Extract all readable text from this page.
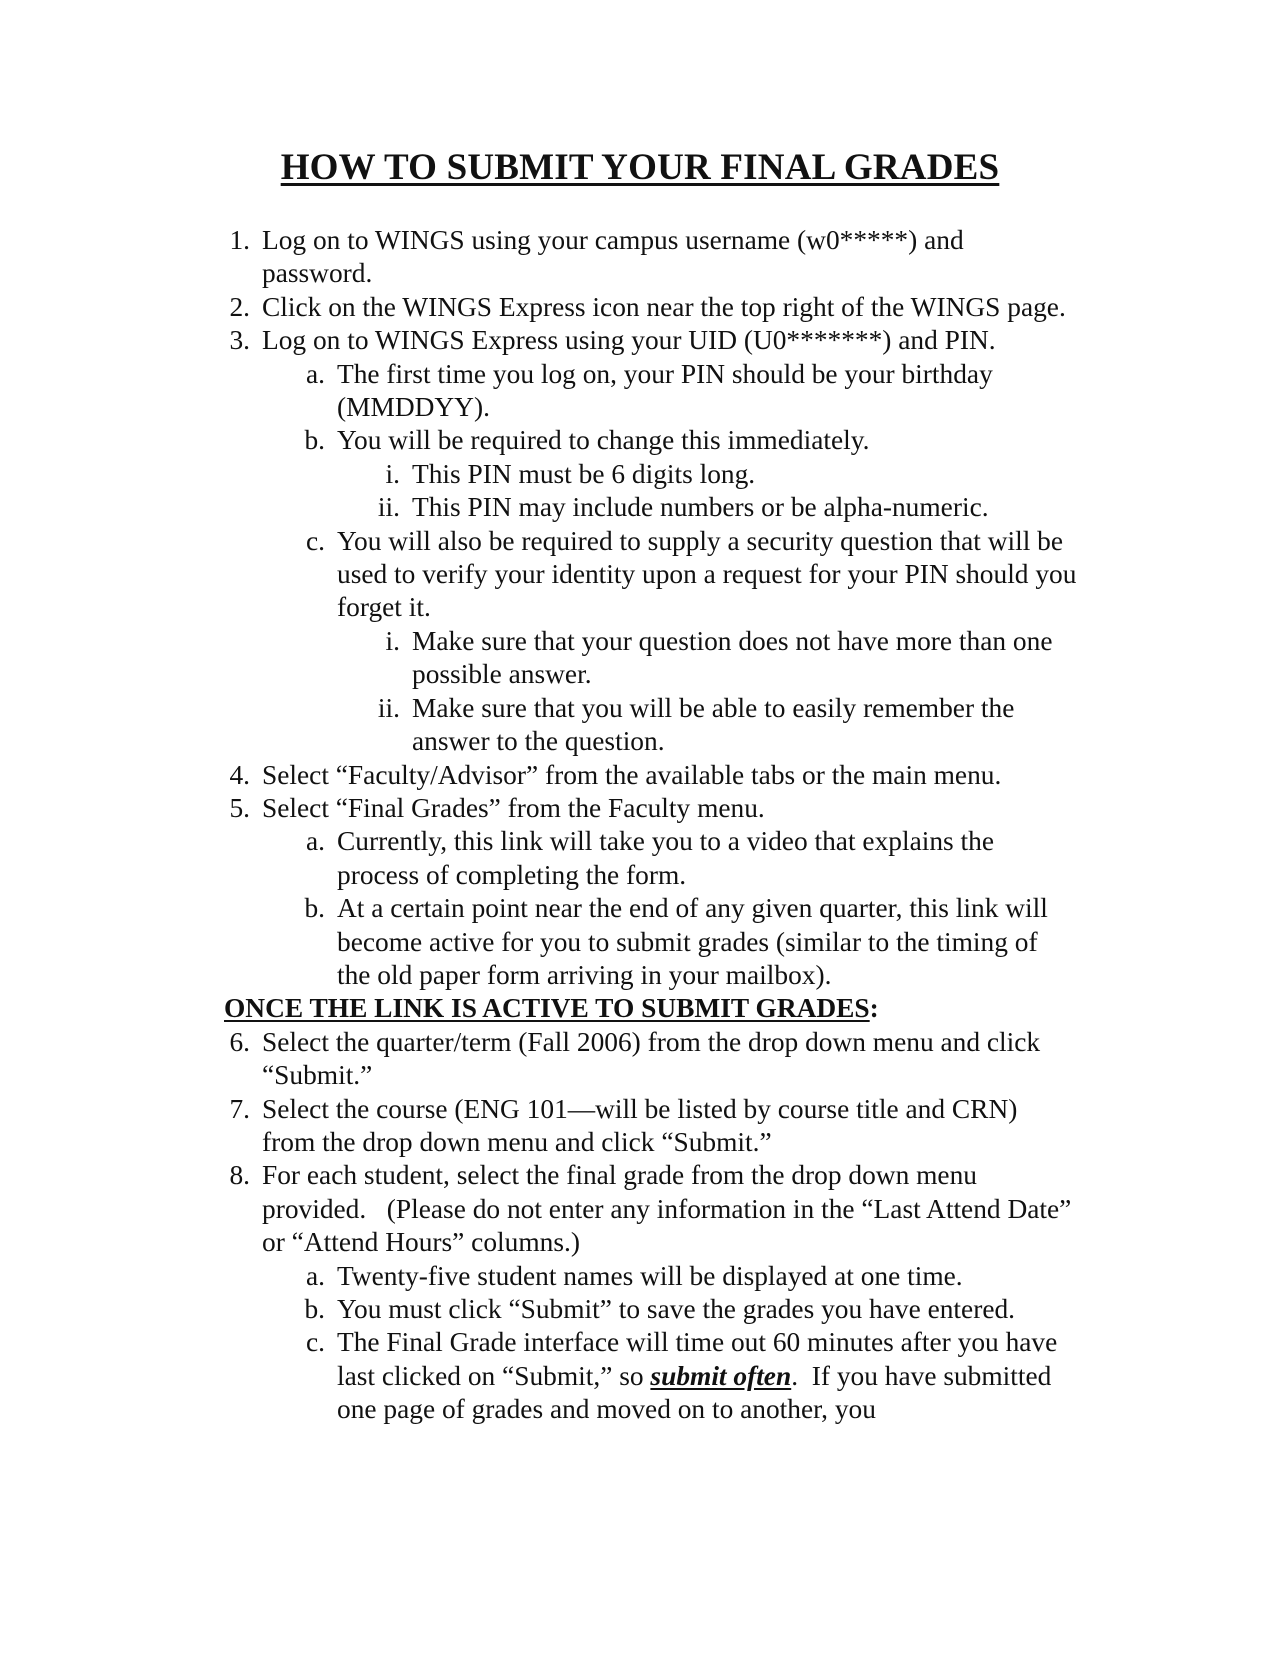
HOW TO SUBMIT YOUR FINAL GRADES

1. Log on to WINGS using your campus username (w0*****) and password.

2. Click on the WINGS Express icon near the top right of the WINGS page.

3. Log on to WINGS Express using your UID (U0*******) and PIN.

a. The first time you log on, your PIN should be your birthday (MMDDYY).

b. You will be required to change this immediately.

i. This PIN must be 6 digits long.

ii. This PIN may include numbers or be alpha-numeric.

c. You will also be required to supply a security question that will be used to verify your identity upon a request for your PIN should you forget it.

i. Make sure that your question does not have more than one possible answer.

ii. Make sure that you will be able to easily remember the answer to the question.

4. Select “Faculty/Advisor” from the available tabs or the main menu.

5. Select “Final Grades” from the Faculty menu.

a. Currently, this link will take you to a video that explains the process of completing the form.

b. At a certain point near the end of any given quarter, this link will become active for you to submit grades (similar to the timing of the old paper form arriving in your mailbox).

ONCE THE LINK IS ACTIVE TO SUBMIT GRADES:

6. Select the quarter/term (Fall 2006) from the drop down menu and click “Submit.”

7. Select the course (ENG 101—will be listed by course title and CRN) from the drop down menu and click “Submit.”

8. For each student, select the final grade from the drop down menu provided.   (Please do not enter any information in the “Last Attend Date” or “Attend Hours” columns.)

a. Twenty-five student names will be displayed at one time.

b. You must click “Submit” to save the grades you have entered.

c. The Final Grade interface will time out 60 minutes after you have last clicked on “Submit,” so submit often.  If you have submitted one page of grades and moved on to another, you
